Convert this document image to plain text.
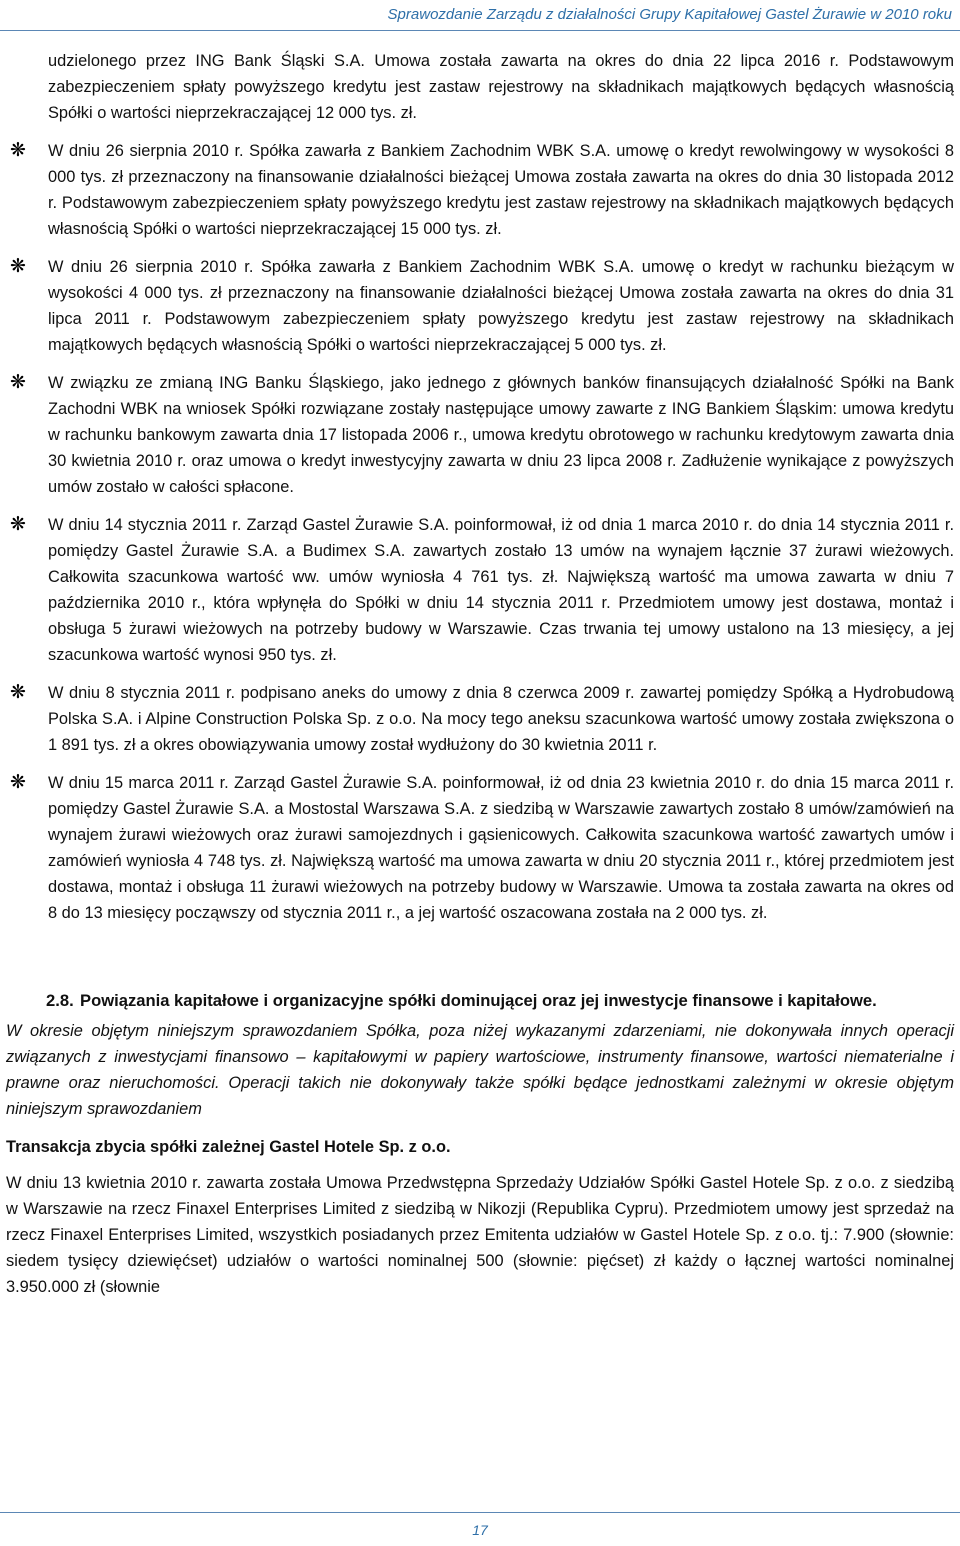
Sprawozdanie Zarządu z działalności Grupy Kapitałowej Gastel Żurawie w 2010 roku

udzielonego przez ING Bank Śląski S.A. Umowa została zawarta na okres do dnia 22 lipca 2016 r. Podstawowym zabezpieczeniem spłaty powyższego kredytu jest zastaw rejestrowy na składnikach majątkowych będących własnością Spółki o wartości nieprzekraczającej 12 000 tys. zł.

❋ W dniu 26 sierpnia 2010 r. Spółka zawarła z Bankiem Zachodnim WBK S.A. umowę o kredyt rewolwingowy w wysokości 8 000 tys. zł przeznaczony na finansowanie działalności bieżącej Umowa została zawarta na okres do dnia 30 listopada 2012 r. Podstawowym zabezpieczeniem spłaty powyższego kredytu jest zastaw rejestrowy na składnikach majątkowych będących własnością Spółki o wartości nieprzekraczającej 15 000 tys. zł.

❋ W dniu 26 sierpnia 2010 r. Spółka zawarła z Bankiem Zachodnim WBK S.A. umowę o kredyt w rachunku bieżącym w wysokości 4 000 tys. zł przeznaczony na finansowanie działalności bieżącej Umowa została zawarta na okres do dnia 31 lipca 2011 r. Podstawowym zabezpieczeniem spłaty powyższego kredytu jest zastaw rejestrowy na składnikach majątkowych będących własnością Spółki o wartości nieprzekraczającej 5 000 tys. zł.

❋ W związku ze zmianą ING Banku Śląskiego, jako jednego z głównych banków finansujących działalność Spółki na Bank Zachodni WBK na wniosek Spółki rozwiązane zostały następujące umowy zawarte z ING Bankiem Śląskim: umowa kredytu w rachunku bankowym zawarta dnia 17 listopada 2006 r., umowa kredytu obrotowego w rachunku kredytowym zawarta dnia 30 kwietnia 2010 r. oraz umowa o kredyt inwestycyjny zawarta w dniu 23 lipca 2008 r. Zadłużenie wynikające z powyższych umów zostało w całości spłacone.

❋ W dniu 14 stycznia 2011 r. Zarząd Gastel Żurawie S.A. poinformował, iż od dnia 1 marca 2010 r. do dnia 14 stycznia 2011 r. pomiędzy Gastel Żurawie S.A. a Budimex S.A. zawartych zostało 13 umów na wynajem łącznie 37 żurawi wieżowych. Całkowita szacunkowa wartość ww. umów wyniosła 4 761 tys. zł. Największą wartość ma umowa zawarta w dniu 7 października 2010 r., która wpłynęła do Spółki w dniu 14 stycznia 2011 r. Przedmiotem umowy jest dostawa, montaż i obsługa 5 żurawi wieżowych na potrzeby budowy w Warszawie. Czas trwania tej umowy ustalono na 13 miesięcy, a jej szacunkowa wartość wynosi 950 tys. zł.

❋ W dniu 8 stycznia 2011 r. podpisano aneks do umowy z dnia 8 czerwca 2009 r. zawartej pomiędzy Spółką a Hydrobudową Polska S.A. i Alpine Construction Polska Sp. z o.o. Na mocy tego aneksu szacunkowa wartość umowy została zwiększona o 1 891 tys. zł a okres obowiązywania umowy został wydłużony do 30 kwietnia 2011 r.

❋ W dniu 15 marca 2011 r. Zarząd Gastel Żurawie S.A. poinformował, iż od dnia 23 kwietnia 2010 r. do dnia 15 marca 2011 r. pomiędzy Gastel Żurawie S.A. a Mostostal Warszawa S.A. z siedzibą w Warszawie zawartych zostało 8 umów/zamówień na wynajem żurawi wieżowych oraz żurawi samojezdnych i gąsienicowych. Całkowita szacunkowa wartość zawartych umów i zamówień wyniosła 4 748 tys. zł. Największą wartość ma umowa zawarta w dniu 20 stycznia 2011 r., której przedmiotem jest dostawa, montaż i obsługa 11 żurawi wieżowych na potrzeby budowy w Warszawie. Umowa ta została zawarta na okres od 8 do 13 miesięcy począwszy od stycznia 2011 r., a jej wartość oszacowana została na 2 000 tys. zł.

2.8. Powiązania kapitałowe i organizacyjne spółki dominującej oraz jej inwestycje finansowe i kapitałowe.

W okresie objętym niniejszym sprawozdaniem Spółka, poza niżej wykazanymi zdarzeniami, nie dokonywała innych operacji związanych z inwestycjami finansowo – kapitałowymi w papiery wartościowe, instrumenty finansowe, wartości niematerialne i prawne oraz nieruchomości. Operacji takich nie dokonywały także spółki będące jednostkami zależnymi w okresie objętym niniejszym sprawozdaniem

Transakcja zbycia spółki zależnej Gastel Hotele Sp. z o.o.

W dniu 13 kwietnia 2010 r. zawarta została Umowa Przedwstępna Sprzedaży Udziałów Spółki Gastel Hotele Sp. z o.o. z siedzibą w Warszawie na rzecz Finaxel Enterprises Limited z siedzibą w Nikozji (Republika Cypru). Przedmiotem umowy jest sprzedaż na rzecz Finaxel Enterprises Limited, wszystkich posiadanych przez Emitenta udziałów w Gastel Hotele Sp. z o.o. tj.: 7.900 (słownie: siedem tysięcy dziewięćset) udziałów o wartości nominalnej 500 (słownie: pięćset) zł każdy o łącznej wartości nominalnej 3.950.000 zł (słownie

17
